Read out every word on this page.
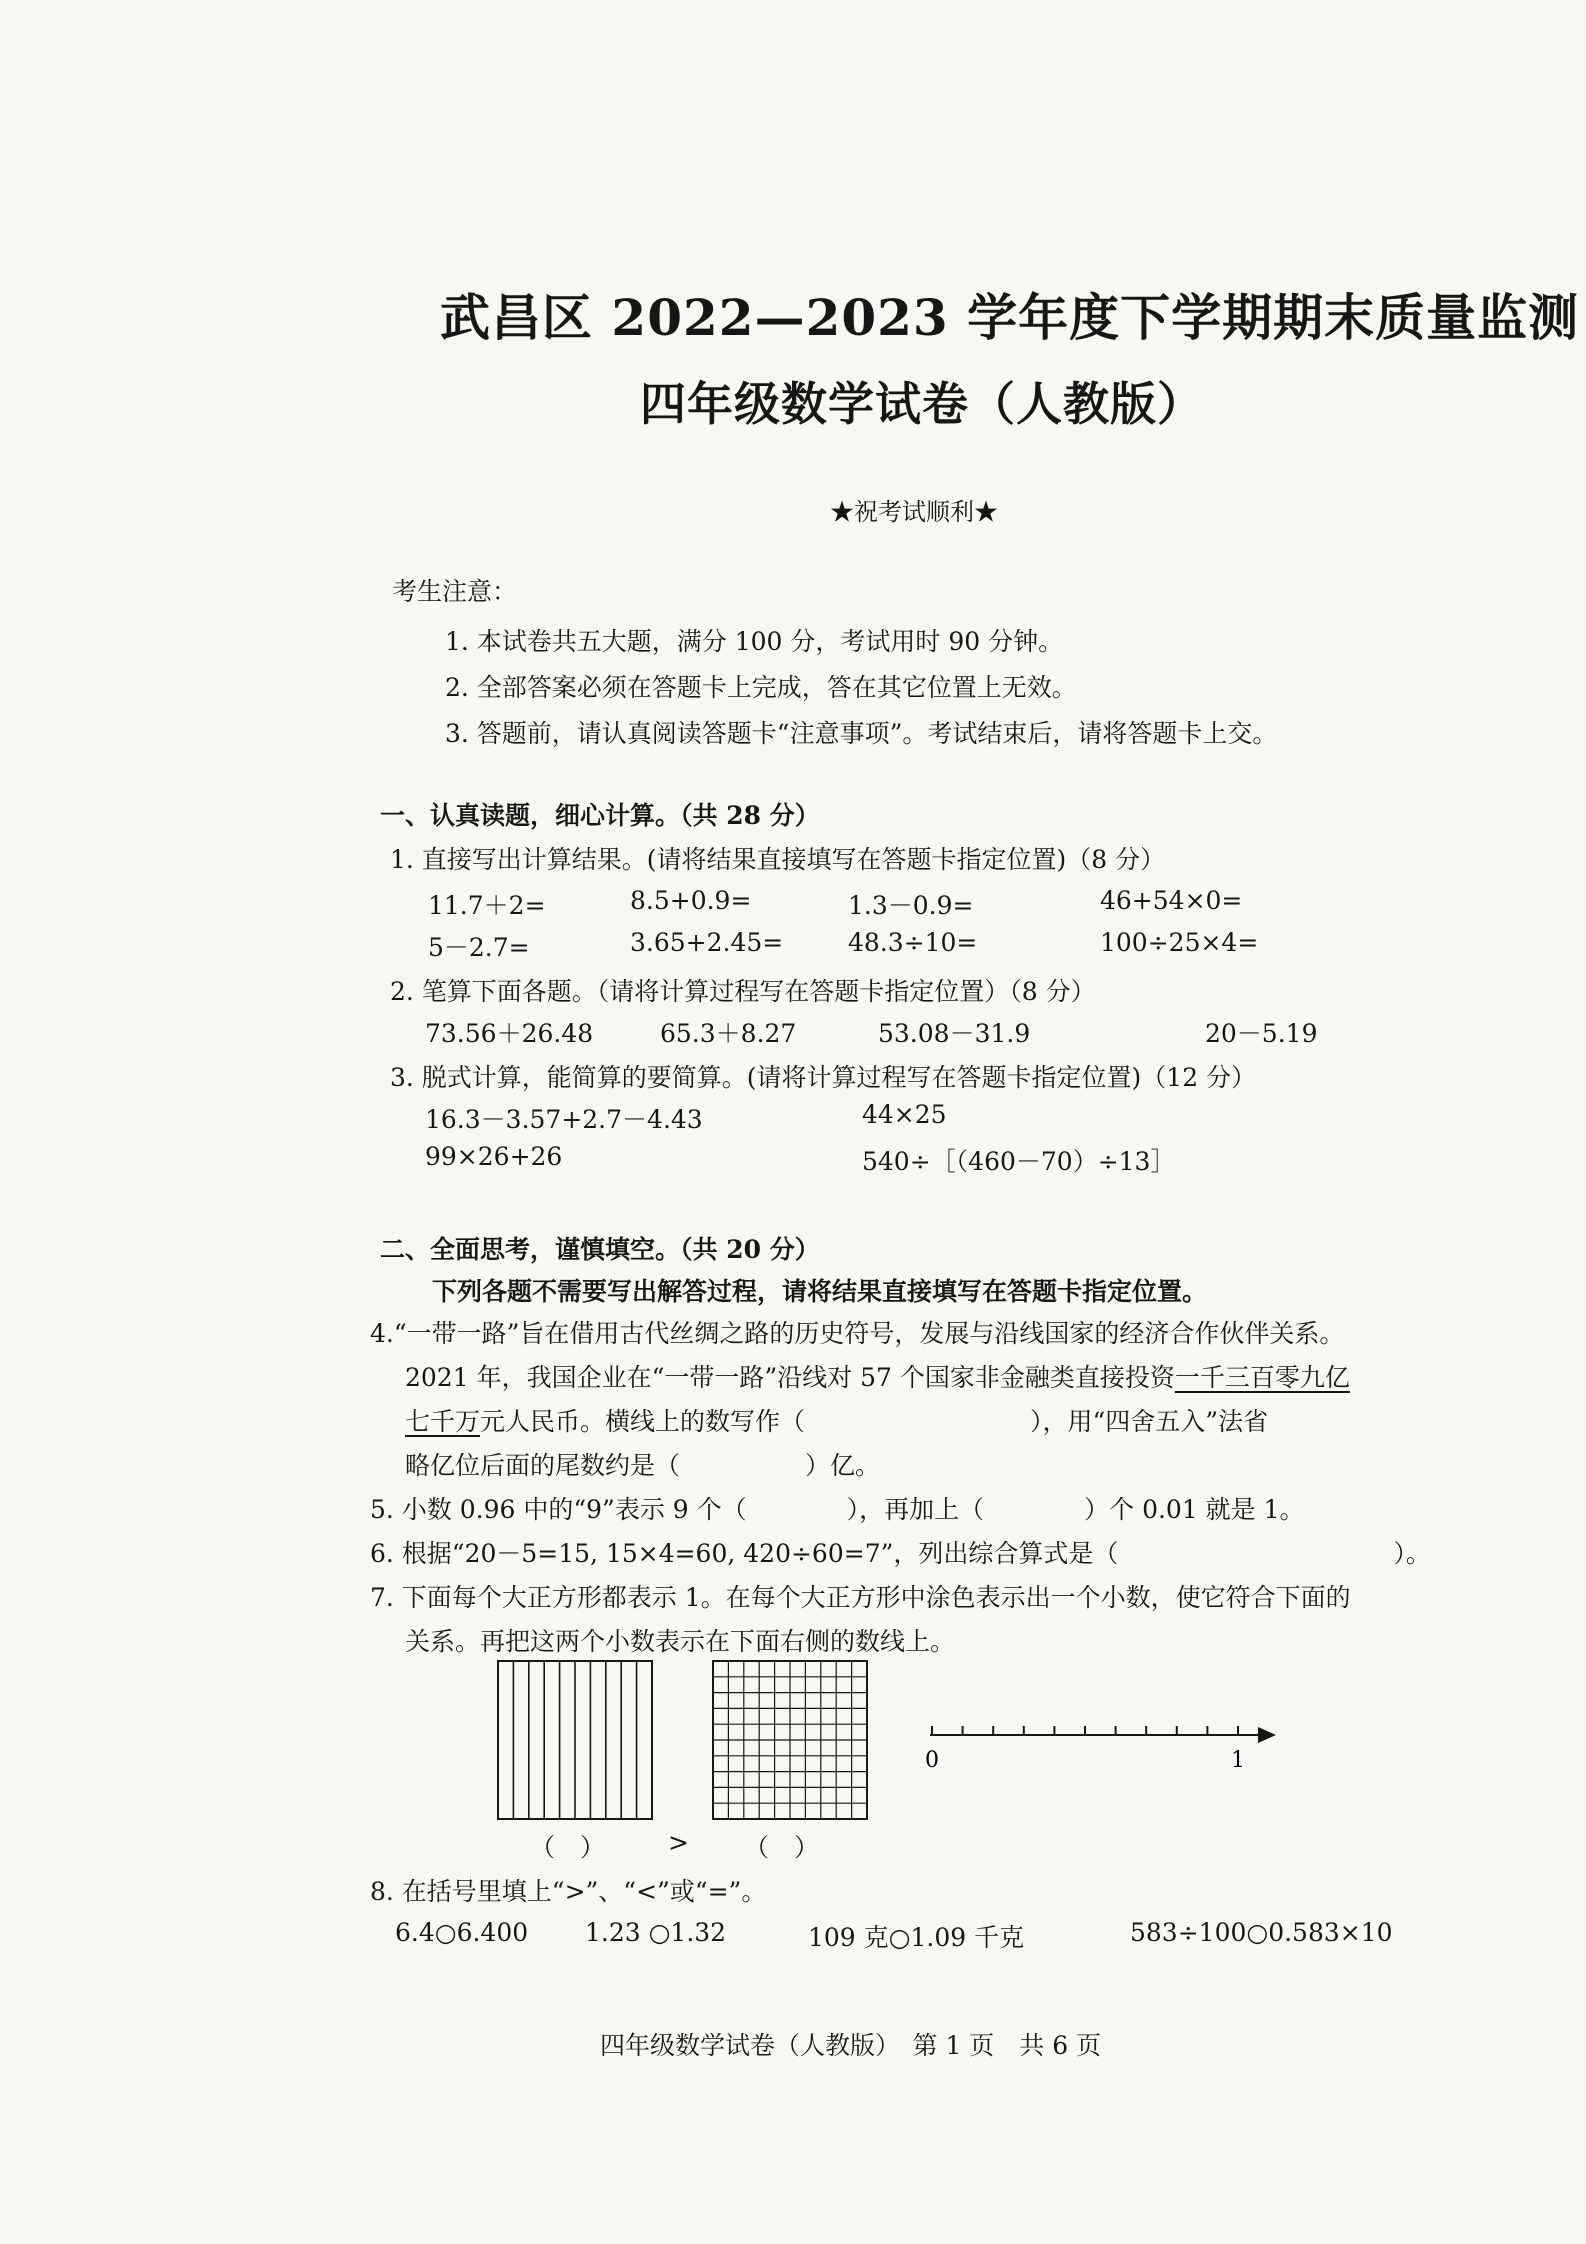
武昌区 2022—2023 学年度下学期期末质量监测
四年级数学试卷（人教版）
★祝考试顺利★
考生注意：
1. 本试卷共五大题，满分 100 分，考试用时 90 分钟。
2. 全部答案必须在答题卡上完成，答在其它位置上无效。
3. 答题前，请认真阅读答题卡“注意事项”。考试结束后，请将答题卡上交。
一、认真读题，细心计算。（共 28 分）
1. 直接写出计算结果。(请将结果直接填写在答题卡指定位置)（8 分）
11.7＋2=	8.5+0.9=	1.3－0.9=	46+54×0=
5－2.7=	3.65+2.45=	48.3÷10=	100÷25×4=
2. 笔算下面各题。（请将计算过程写在答题卡指定位置）（8 分）
73.56＋26.48	65.3＋8.27	53.08－31.9	20－5.19
3. 脱式计算，能简算的要简算。(请将计算过程写在答题卡指定位置)（12 分）
16.3－3.57+2.7－4.43	44×25
99×26+26	540÷［（460－70）÷13］
二、全面思考，谨慎填空。（共 20 分）
下列各题不需要写出解答过程，请将结果直接填写在答题卡指定位置。
4.“一带一路”旨在借用古代丝绸之路的历史符号，发展与沿线国家的经济合作伙伴关系。
2021 年，我国企业在“一带一路”沿线对 57 个国家非金融类直接投资一千三百零九亿
七千万元人民币。横线上的数写作（　　　　　　　　　），用“四舍五入”法省
略亿位后面的尾数约是（　　　　　）亿。
5. 小数 0.96 中的“9”表示 9 个（　　　　），再加上（　　　　）个 0.01 就是 1。
6. 根据“20－5=15, 15×4=60, 420÷60=7”，列出综合算式是（　　　　　　　　　　　）。
7. 下面每个大正方形都表示 1。在每个大正方形中涂色表示出一个小数，使它符合下面的
关系。再把这两个小数表示在下面右侧的数线上。
0	1
（　）	> （　）
8. 在括号里填上“>”、“<”或“=”。
6.4○6.400 1.23 ○1.32	109 克○1.09 千克	583÷100○0.583×10
四年级数学试卷（人教版）　第 1 页　共 6 页
